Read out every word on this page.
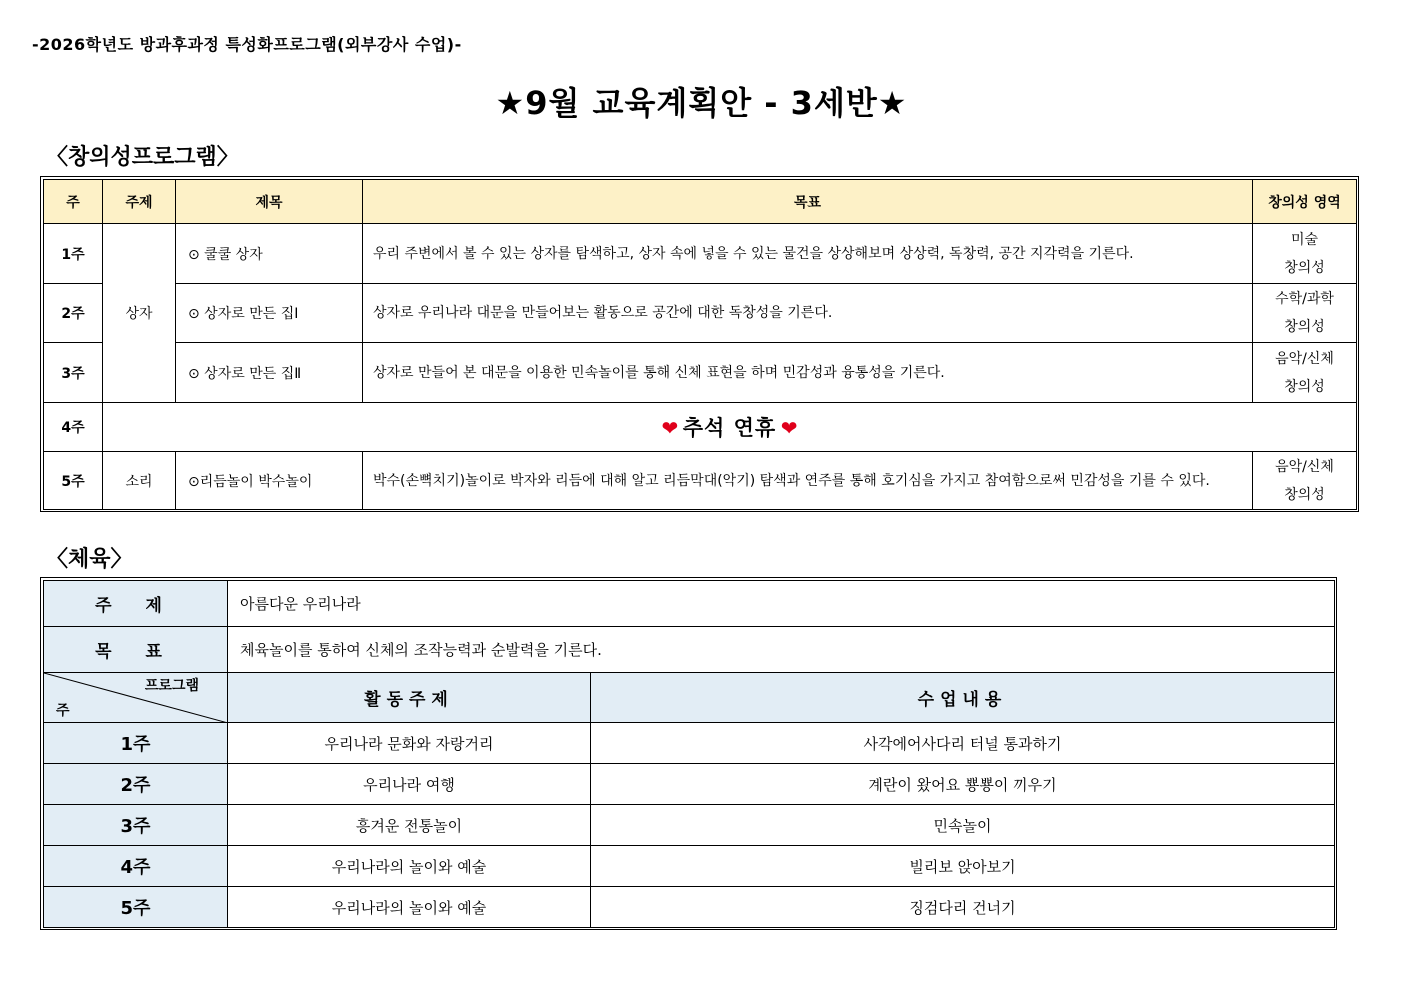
-2026학년도 방과후과정 특성화프로그램(외부강사 수업)-
★9월 교육계획안 - 3세반★
〈창의성프로그램〉
주	주제	제목	목표	창의성 영역
1주	상자	⊙ 쿨쿨 상자	우리 주변에서 볼 수 있는 상자를 탐색하고, 상자 속에 넣을 수 있는 물건을 상상해보며 상상력, 독창력, 공간 지각력을 기른다.	미술
창의성
2주		⊙ 상자로 만든 집Ⅰ	상자로 우리나라 대문을 만들어보는 활동으로 공간에 대한 독창성을 기른다.	수학/과학
창의성
3주		⊙ 상자로 만든 집Ⅱ	상자로 만들어 본 대문을 이용한 민속놀이를 통해 신체 표현을 하며 민감성과 융통성을 기른다.	음악/신체
창의성
4주	❤ 추석 연휴 ❤			
5주	소리	⊙리듬놀이 박수놀이	박수(손뼉치기)놀이로 박자와 리듬에 대해 알고 리듬막대(악기) 탐색과 연주를 통해 호기심을 가지고 참여함으로써 민감성을 기를 수 있다.	음악/신체
창의성
〈체육〉
주 제	아름다운 우리나라	
목 표	체육놀이를 통하여 신체의 조작능력과 순발력을 기른다.	

프로그램
주	활동주제	수업내용
1주	우리나라 문화와 자랑거리	사각에어사다리 터널 통과하기
2주	우리나라 여행	계란이 왔어요 뿅뿅이 끼우기
3주	흥겨운 전통놀이	민속놀이
4주	우리나라의 놀이와 예술	빌리보 앉아보기
5주	우리나라의 놀이와 예술	징검다리 건너기
